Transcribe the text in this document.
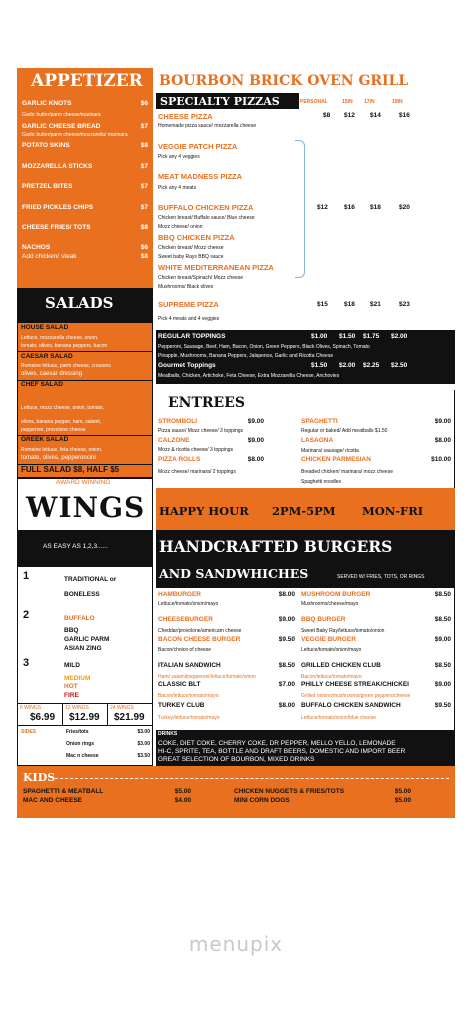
APPETIZER
GARLIC KNOTS	$6
Garlic butter/parm cheese/marinara
GARLIC CHEESE BREAD	$7
Garlic butter/parm cheese/mozzarella/ marinara
POTATO SKINS	$8
MOZZARELLA STICKS	$7
PRETZEL BITES	$7
FRIED PICKLES CHIPS	$7
CHEESE FRIES/ TOTS	$8
NACHOS	$6
Add chicken/ steak	$8
BOURBON BRICK OVEN GRILL
SPECIALTY PIZZAS	PERSONAL	15IN 17IN	19IN
CHEESE PIZZA
Homemade pizza sauce/ mozzarella cheese
$8 $12 $14	$16
VEGGIE PATCH PIZZA
Pick any 4 veggies
MEAT MADNESS PIZZA
Pick any 4 meats
BUFFALO CHICKEN PIZZA
Chicken breast/ Buffalo sauce/ Blue cheese
Mozz cheese/ onion
$12 $16 $18	$20
BBQ CHICKEN PIZZA
Chicken breast/ Mozz cheese
Sweet baby Rays BBQ sauce
WHITE MEDITERRANEAN PIZZA
Chicken breast/Spinach/ Mozz cheese
Mushrooms/ Black olives
SUPREME PIZZA
Pick 4 meats and 4 veggies
$15 $18 $21	$23
SALADS
HOUSE SALAD
Lettuce, mozzarella cheese, onion,
tomato, olives, banana peppers, bacon
CAESAR SALAD
Romaine lettuce, parm cheese, croutons
olives, caesar dressing
CHEF SALAD
Lettuce, mozz cheese, onion, tomato,
olives, banana pepper, ham, salami,
pepperoni, provolone cheese
GREEK SALAD
Romaine lettuce, feta cheese, onion,
tomato, olives, pepperoncini
FULL SALAD $8, HALF $5
AWARD WINNING
WINGS
AS EASY AS 1,2,3......
1	TRADITIONAL or
BONELESS
2	BUFFALO
BBQ
GARLIC PARM
ASIAN ZING
3	MILD
MEDIUM
HOT
FIRE
6 WINGS
$6.99
12 WINGS
$12.99
24 WINGS
$21.99
SIDES	Fries/tots	$3.00
Onion rings	$3.00
Mac n cheese	$3.50
REGULAR TOPPINGS	$1.00 $1.50 $1.75 $2.00
Pepperoni, Sausage, Beef, Ham, Bacon, Onion, Green Peppers, Black Olives, Spinach, Tomato
Pinapple, Mushrooms, Banana Peppers, Jalapenos, Garlic and Ricotta Cheese
Gourmet Toppings	$1.50 $2.00 $2.25 $2.50
Meatballs, Chicken, Artichoke, Feta Cheese, Extra Mozzarella Cheese, Anchovies
ENTREES
STROMBOLI	$9.00
Pizza sauce/ Mozz cheese/ 3 toppings
CALZONE	$9.00
Mozz & ricotta cheese/ 3 toppings
PIZZA ROLLS	$8.00
Mozz cheese/ marinara/ 2 toppings
SPAGHETTI	$9.00
Regular or baked/ Add meatballs $1.50
LASAGNA	$8.00
Marinara/ sausage/ ricotta
CHICKEN PARMESIAN	$10.00
Breaded chicken/ marinara/ mozz cheese
Spaghetti noodles
HAPPY HOUR 2PM-5PM MON-FRI
HANDCRAFTED BURGERS
AND SANDWHICHES	SERVED W/ FRIES, TOTS, OR RINGS
HAMBURGER	$8.00
Lettuce/tomato/onion/mayo
CHEESEBURGER	$9.00
Cheddar/provolone/americam cheese
BACON CHEESE BURGER	$9.50
Bacon/choice of cheese
ITALIAN SANDWICH	$8.50
Ham/ salami/pepperoni/lettuce/tomato/onion
CLASSIC BLT	$7.00
Bacon/lettuce/tomato/mayo
TURKEY CLUB	$8.00
Turkey/lettuce/tomato/mayo
MUSHROOM BURGER	$8.50
Mushrooms/cheese/mayo
BBQ BURGER	$8.50
Sweet Baby Ray/lettuce/tomato/onion
VEGGIE BURGER	$9.00
Lettuce/tomato/onion/mayo
GRILLED CHICKEN CLUB	$8.50
Bacon/lettuce/tomato/mayo
PHILLY CHEESE STREAK/CHICKEI	$9.00
Grilled onions/mushrooms/green peppers/cheese
BUFFALO CHICKEN SANDWICH	$9.50
Lettuce/tomato/onion/blue cheese
DRINKS
COKE, DIET COKE, CHERRY COKE, DR PEPPER, MELLO YELLO, LEMONADE
HI-C, SPRITE, TEA, BOTTLE AND DRAFT BEERS, DOMESTIC AND IMPORT BEER
GREAT SELECTION OF BOURBON, MIXED DRINKS
KIDS
SPAGHETTI & MEATBALL	$5.00
MAC AND CHEESE	$4.00
CHICKEN NUGGETS & FRIES/TOTS	$5.00
MINI CORN DOGS	$5.00
menupix
